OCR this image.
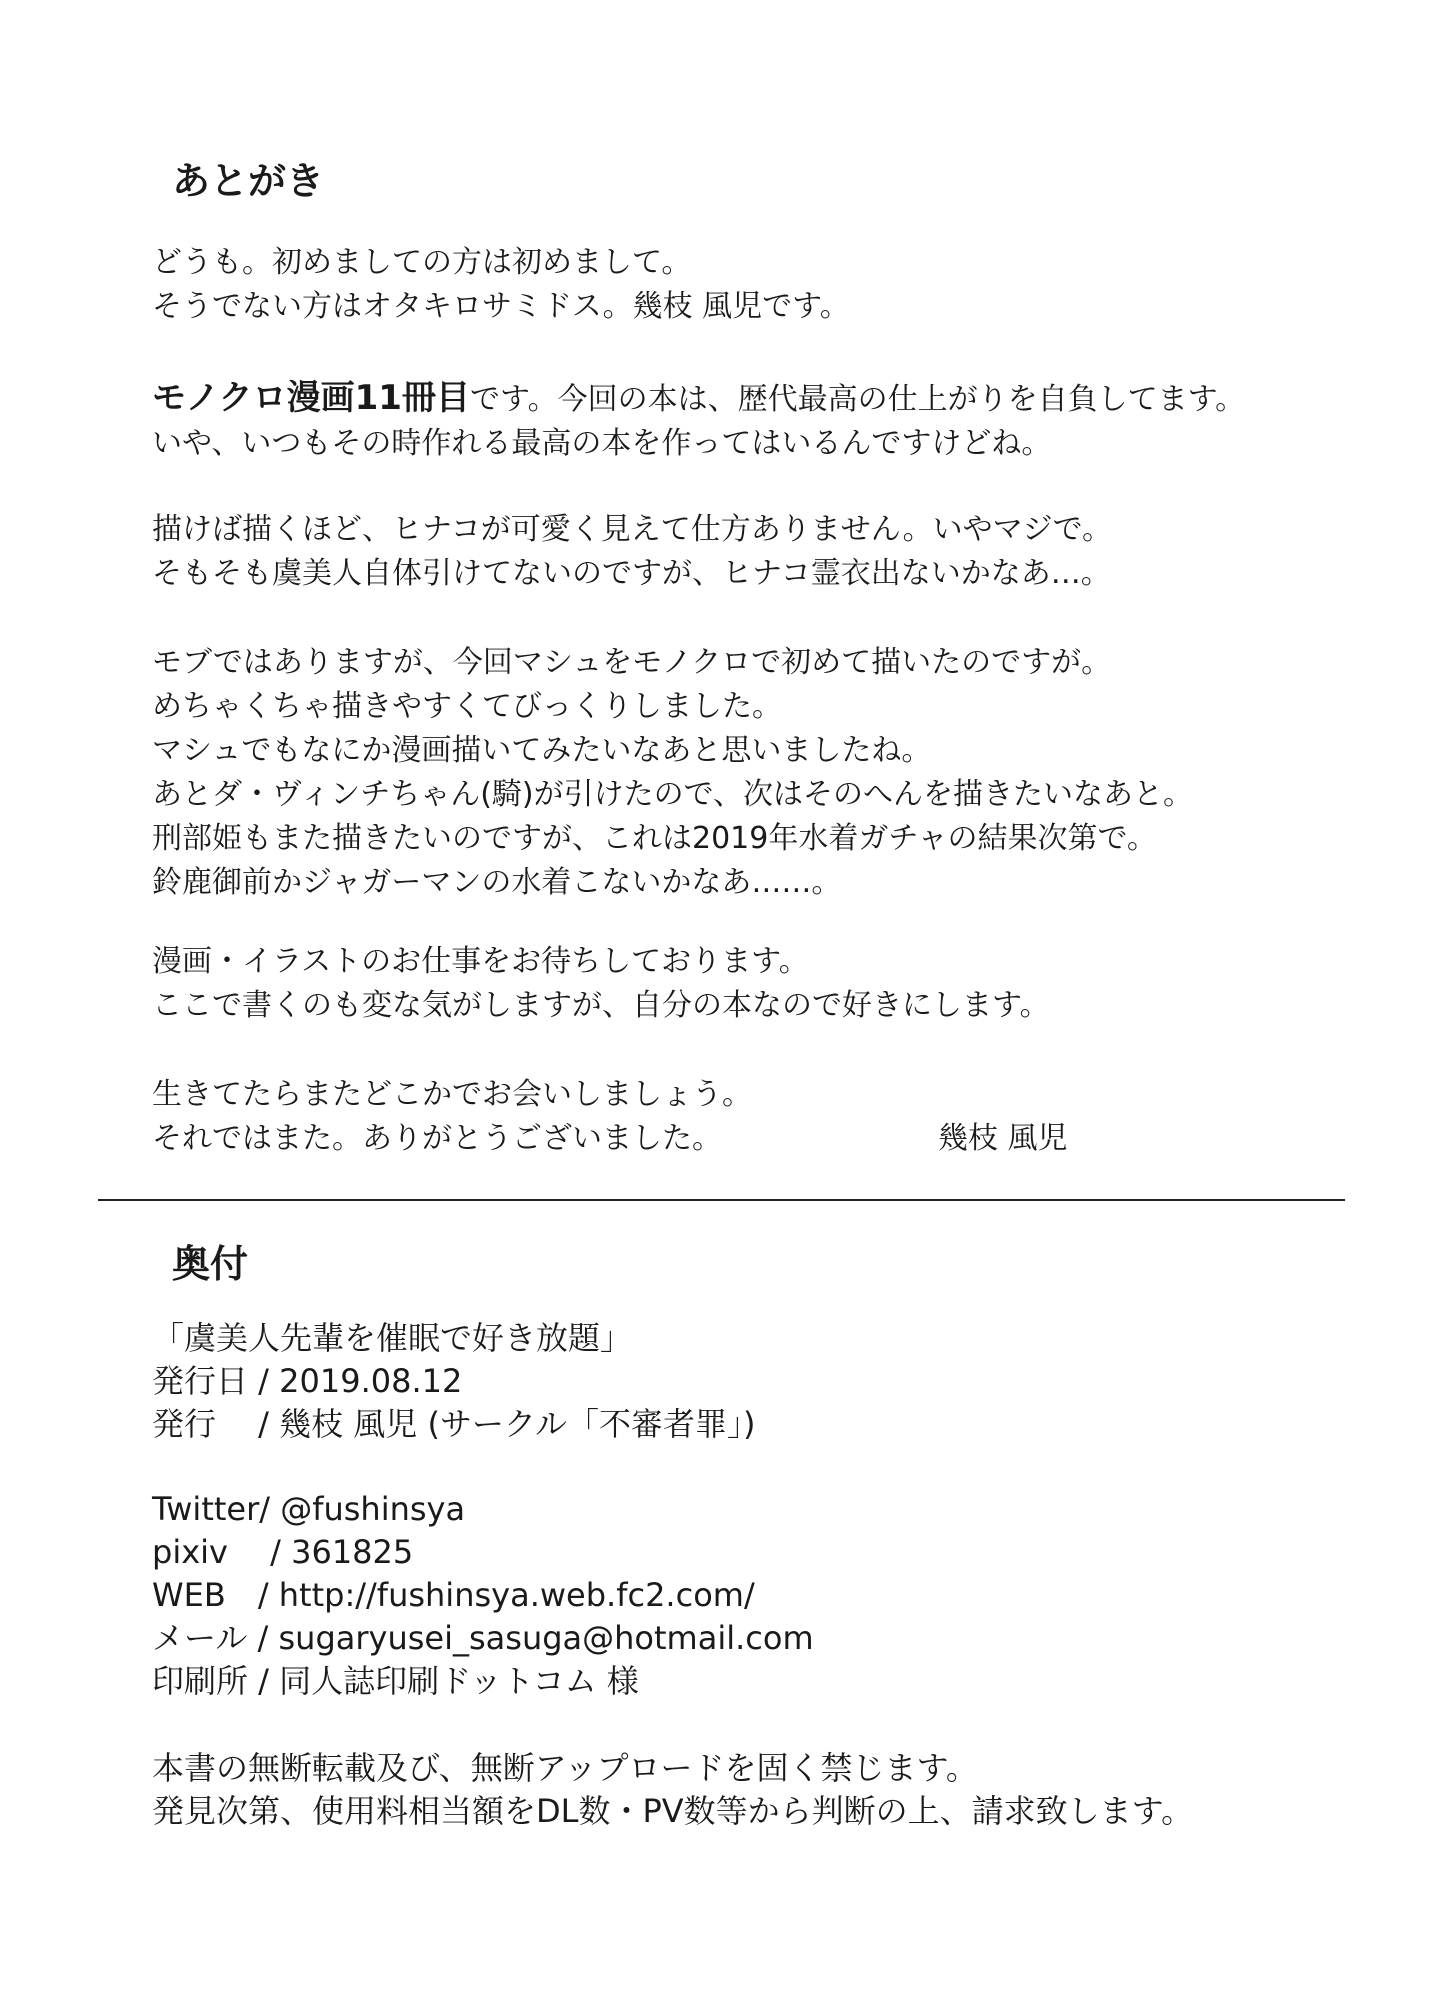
あとがき

どうも。初めましての方は初めまして。
そうでない方はオタキロサミドス。幾枝 風児です。

モノクロ漫画11冊目です。今回の本は、歴代最高の仕上がりを自負してます。
いや、いつもその時作れる最高の本を作ってはいるんですけどね。

描けば描くほど、ヒナコが可愛く見えて仕方ありません。いやマジで。
そもそも虞美人自体引けてないのですが、ヒナコ霊衣出ないかなあ…。

モブではありますが、今回マシュをモノクロで初めて描いたのですが。
めちゃくちゃ描きやすくてびっくりしました。
マシュでもなにか漫画描いてみたいなあと思いましたね。
あとダ・ヴィンチちゃん(騎)が引けたので、次はそのへんを描きたいなあと。
刑部姫もまた描きたいのですが、これは2019年水着ガチャの結果次第で。
鈴鹿御前かジャガーマンの水着こないかなあ……。

漫画・イラストのお仕事をお待ちしております。
ここで書くのも変な気がしますが、自分の本なので好きにします。

生きてたらまたどこかでお会いしましょう。
それではまた。ありがとうございました。	幾枝 風児
奥付

「虞美人先輩を催眠で好き放題」
発行日 / 2019.08.12
発行　 / 幾枝 風児 (サークル「不審者罪」)

Twitter/ @fushinsya
pixiv　 / 361825
WEB　/ http://fushinsya.web.fc2.com/
メール / sugaryusei_sasuga@hotmail.com
印刷所 / 同人誌印刷ドットコム 様

本書の無断転載及び、無断アップロードを固く禁じます。
発見次第、使用料相当額をDL数・PV数等から判断の上、請求致します。
